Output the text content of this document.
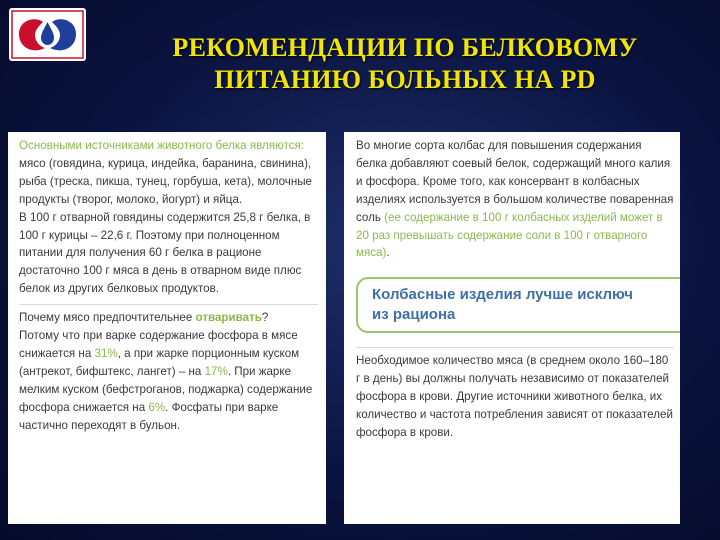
РЕКОМЕНДАЦИИ ПО БЕЛКОВОМУ
ПИТАНИЮ БОЛЬНЫХ НА PD

Основными источниками животного белка являются: мясо (говядина, курица, индейка, баранина, свинина), рыба (треска, пикша, тунец, горбуша, кета), молочные продукты (творог, молоко, йогурт) и яйца.

В 100 г отварной говядины содержится 25,8 г белка, в 100 г курицы – 22,6 г. Поэтому при полноценном питании для получения 60 г белка в рационе достаточно 100 г мяса в день в отварном виде плюс белок из других белковых продуктов.

Почему мясо предпочтительнее отваривать?

Потому что при варке содержание фосфора в мясе снижается на 31%, а при жарке порционным куском (антрекот, бифштекс, лангет) – на 17%. При жарке мелким куском (бефстроганов, поджарка) содержание фосфора снижается на 6%. Фосфаты при варке частично переходят в бульон.

Во многие сорта колбас для повышения содержания белка добавляют соевый белок, содержащий много калия и фосфора. Кроме того, как консервант в колбасных изделиях используется в большом количестве поваренная соль (ее содержание в 100 г колбасных изделий может в 20 раз превышать содержание соли в 100 г отварного мяса).

Колбасные изделия лучше исключ
из рациона

Необходимое количество мяса (в среднем около 160–180 г в день) вы должны получать независимо от показателей фосфора в крови. Другие источники животного белка, их количество и частота потребления зависят от показателей фосфора в крови.
